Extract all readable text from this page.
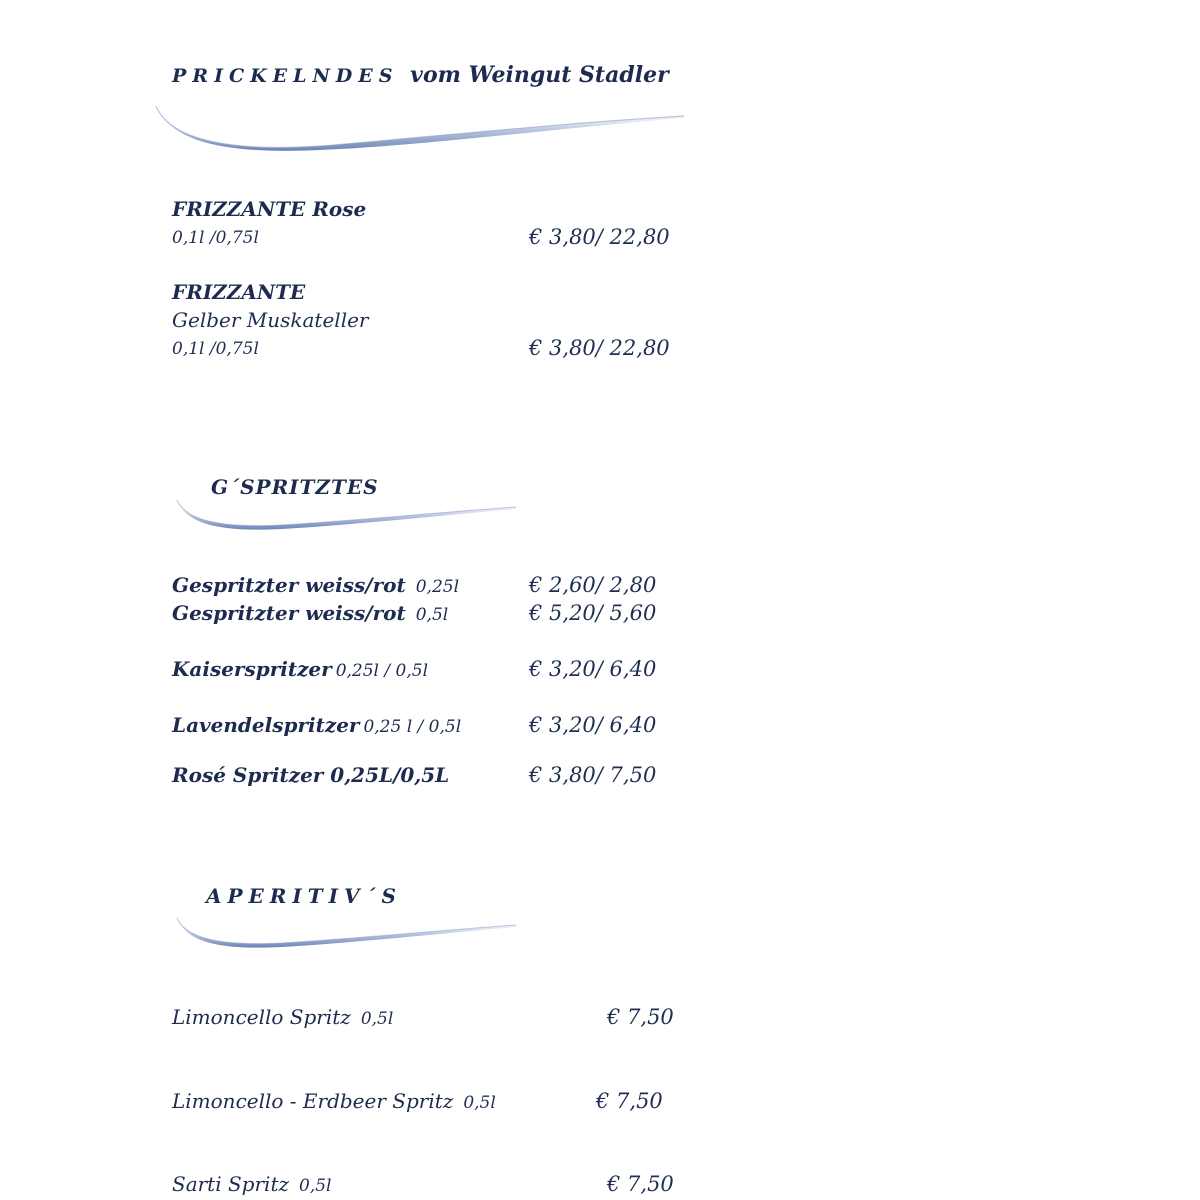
PRICKELNDES vom Weingut Stadler
FRIZZANTE Rose
0,1l /0,75l	€ 3,80/ 22,80
FRIZZANTE
Gelber Muskateller
0,1l /0,75l	€ 3,80/ 22,80
G´SPRITZTES
Gespritzter weiss/rot 0,25l	€ 2,60/ 2,80
Gespritzter weiss/rot 0,5l	€ 5,20/ 5,60
Kaiserspritzer 0,25l / 0,5l	€ 3,20/ 6,40
Lavendelspritzer 0,25 l / 0,5l	€ 3,20/ 6,40
Rosé Spritzer 0,25L/0,5L	€ 3,80/ 7,50
APERITIV´S
Limoncello Spritz 0,5l	€ 7,50
Limoncello - Erdbeer Spritz 0,5l	€ 7,50
Sarti Spritz 0,5l	€ 7,50
